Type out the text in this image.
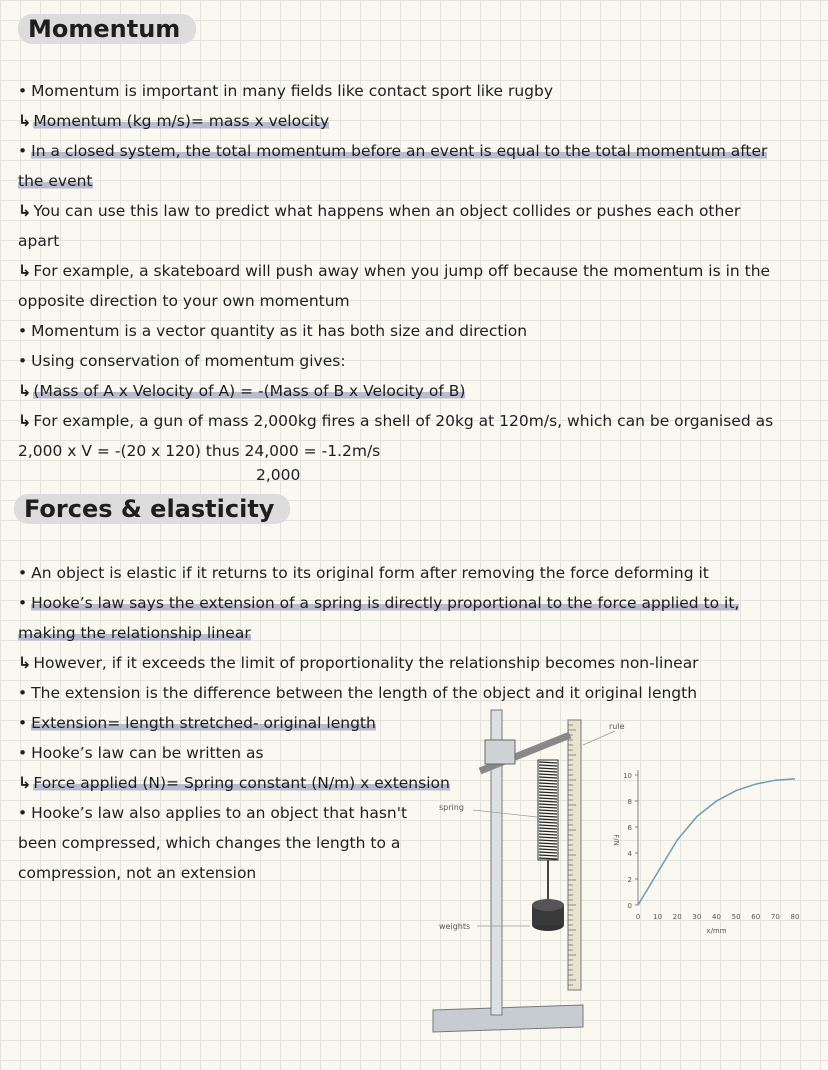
Momentum
• Momentum is important in many fields like contact sport like rugby
↳ Momentum (kg m/s)= mass x velocity
• In a closed system, the total momentum before an event is equal to the total momentum after
the event
↳ You can use this law to predict what happens when an object collides or pushes each other
apart
↳ For example, a skateboard will push away when you jump off because the momentum is in the
opposite direction to your own momentum
• Momentum is a vector quantity as it has both size and direction
• Using conservation of momentum gives:
↳ (Mass of A x Velocity of A) = -(Mass of B x Velocity of B)
↳ For example, a gun of mass 2,000kg fires a shell of 20kg at 120m/s, which can be organised as
2,000 x V = -(20 x 120) thus 24,000 = -1.2m/s
2,000
Forces & elasticity
• An object is elastic if it returns to its original form after removing the force deforming it
• Hooke’s law says the extension of a spring is directly proportional to the force applied to it,
making the relationship linear
↳ However, if it exceeds the limit of proportionality the relationship becomes non-linear
• The extension is the difference between the length of the object and it original length
• Extension= length stretched- original length
• Hooke’s law can be written as
↳ Force applied (N)= Spring constant (N/m) x extension
• Hooke’s law also applies to an object that hasn't
been compressed, which changes the length to a
compression, not an extension
weights
spring
rule
0
2
4
6
8
10
0 10 20 30 40 50 60 70 80
x/mm
F/N
